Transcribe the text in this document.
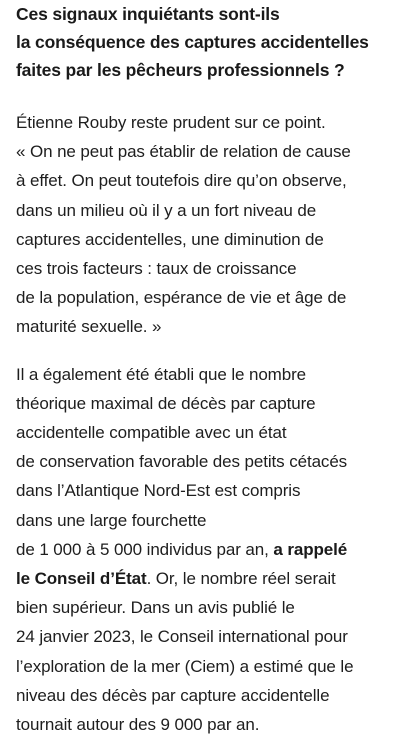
Ces signaux inquiétants sont-ils
la conséquence des captures accidentelles
faites par les pêcheurs professionnels ?

Étienne Rouby reste prudent sur ce point.
« On ne peut pas établir de relation de cause
à effet. On peut toutefois dire qu’on observe,
dans un milieu où il y a un fort niveau de
captures accidentelles, une diminution de
ces trois facteurs : taux de croissance
de la population, espérance de vie et âge de
maturité sexuelle. »

Il a également été établi que le nombre
théorique maximal de décès par capture
accidentelle compatible avec un état
de conservation favorable des petits cétacés
dans l’Atlantique Nord-Est est compris
dans une large fourchette
de 1 000 à 5 000 individus par an, a rappelé
le Conseil d’État. Or, le nombre réel serait
bien supérieur. Dans un avis publié le
24 janvier 2023, le Conseil international pour
l’exploration de la mer (Ciem) a estimé que le
niveau des décès par capture accidentelle
tournait autour des 9 000 par an.
